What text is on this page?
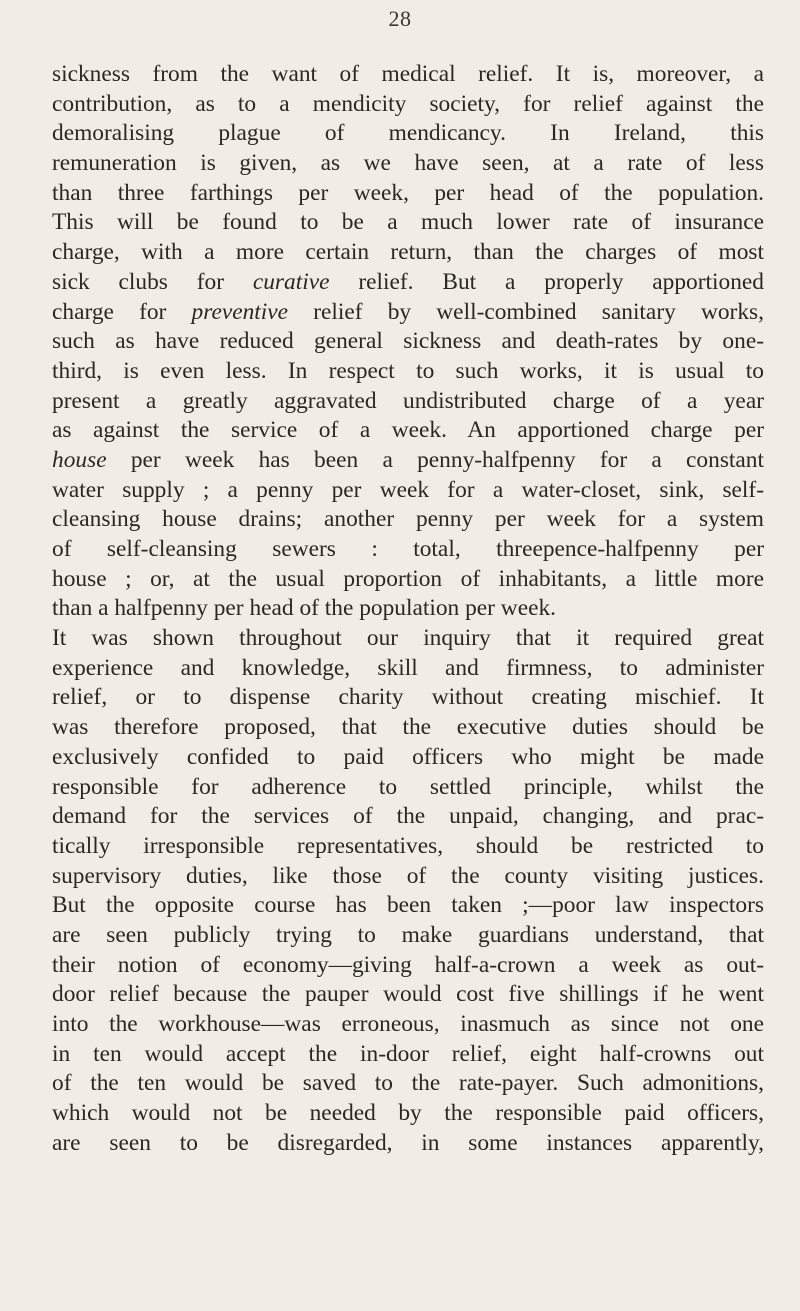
28
sickness from the want of medical relief. It is, moreover, a
contribution, as to a mendicity society, for relief against the
demoralising plague of mendicancy. In Ireland, this
remuneration is given, as we have seen, at a rate of less
than three farthings per week, per head of the population.
This will be found to be a much lower rate of insurance
charge, with a more certain return, than the charges of most
sick clubs for curative relief. But a properly apportioned
charge for preventive relief by well-combined sanitary works,
such as have reduced general sickness and death-rates by one-
third, is even less. In respect to such works, it is usual to
present a greatly aggravated undistributed charge of a year
as against the service of a week. An apportioned charge per
house per week has been a penny-halfpenny for a constant
water supply ; a penny per week for a water-closet, sink, self-
cleansing house drains; another penny per week for a system
of self-cleansing sewers : total, threepence-halfpenny per
house ; or, at the usual proportion of inhabitants, a little more
than a halfpenny per head of the population per week.
It was shown throughout our inquiry that it required great
experience and knowledge, skill and firmness, to administer
relief, or to dispense charity without creating mischief. It
was therefore proposed, that the executive duties should be
exclusively confided to paid officers who might be made
responsible for adherence to settled principle, whilst the
demand for the services of the unpaid, changing, and prac-
tically irresponsible representatives, should be restricted to
supervisory duties, like those of the county visiting justices.
But the opposite course has been taken ;—poor law inspectors
are seen publicly trying to make guardians understand, that
their notion of economy—giving half-a-crown a week as out-
door relief because the pauper would cost five shillings if he went
into the workhouse—was erroneous, inasmuch as since not one
in ten would accept the in-door relief, eight half-crowns out
of the ten would be saved to the rate-payer. Such admonitions,
which would not be needed by the responsible paid officers,
are seen to be disregarded, in some instances apparently,
